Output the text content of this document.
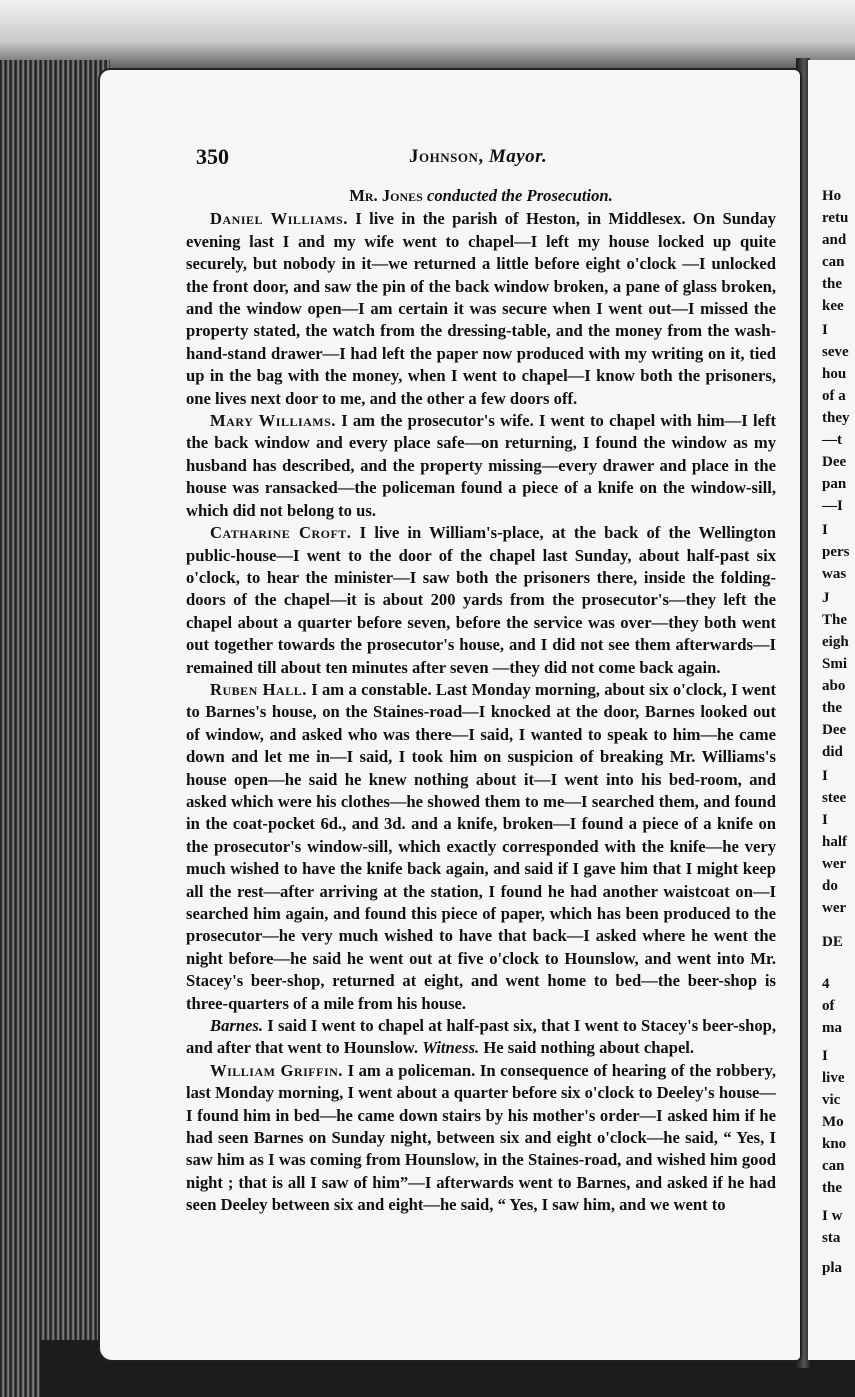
Ho
retu
and
can
the
kee
I
seve
hou
of a
they
—t
Dee
pan
—I
I
pers
was
J
The
eigh
Smi
abo
the
Dee
did
I
stee
I
half
wer
do
wer
DE
4
of
ma
I
live
vic
Mo
kno
can
the
I w
sta
pla
350	Johnson, Mayor.

Mr. Jones conducted the Prosecution.

Daniel Williams. I live in the parish of Heston, in Middlesex. On Sunday evening last I and my wife went to chapel—I left my house locked up quite securely, but nobody in it—we returned a little before eight o'clock —I unlocked the front door, and saw the pin of the back window broken, a pane of glass broken, and the window open—I am certain it was secure when I went out—I missed the property stated, the watch from the dressing-table, and the money from the wash-hand-stand drawer—I had left the paper now produced with my writing on it, tied up in the bag with the money, when I went to chapel—I know both the prisoners, one lives next door to me, and the other a few doors off.

Mary Williams. I am the prosecutor's wife. I went to chapel with him—I left the back window and every place safe—on returning, I found the window as my husband has described, and the property missing—every drawer and place in the house was ransacked—the policeman found a piece of a knife on the window-sill, which did not belong to us.

Catharine Croft. I live in William's-place, at the back of the Wellington public-house—I went to the door of the chapel last Sunday, about half-past six o'clock, to hear the minister—I saw both the prisoners there, inside the folding-doors of the chapel—it is about 200 yards from the prosecutor's—they left the chapel about a quarter before seven, before the service was over—they both went out together towards the prosecutor's house, and I did not see them afterwards—I remained till about ten minutes after seven —they did not come back again.

Ruben Hall. I am a constable. Last Monday morning, about six o'clock, I went to Barnes's house, on the Staines-road—I knocked at the door, Barnes looked out of window, and asked who was there—I said, I wanted to speak to him—he came down and let me in—I said, I took him on suspicion of breaking Mr. Williams's house open—he said he knew nothing about it—I went into his bed-room, and asked which were his clothes—he showed them to me—I searched them, and found in the coat-pocket 6d., and 3d. and a knife, broken—I found a piece of a knife on the prosecutor's window-sill, which exactly corresponded with the knife—he very much wished to have the knife back again, and said if I gave him that I might keep all the rest—after arriving at the station, I found he had another waistcoat on—I searched him again, and found this piece of paper, which has been produced to the prosecutor—he very much wished to have that back—I asked where he went the night before—he said he went out at five o'clock to Hounslow, and went into Mr. Stacey's beer-shop, returned at eight, and went home to bed—the beer-shop is three-quarters of a mile from his house.

Barnes. I said I went to chapel at half-past six, that I went to Stacey's beer-shop, and after that went to Hounslow. Witness. He said nothing about chapel.

William Griffin. I am a policeman. In consequence of hearing of the robbery, last Monday morning, I went about a quarter before six o'clock to Deeley's house—I found him in bed—he came down stairs by his mother's order—I asked him if he had seen Barnes on Sunday night, between six and eight o'clock—he said, “ Yes, I saw him as I was coming from Hounslow, in the Staines-road, and wished him good night ; that is all I saw of him”—I afterwards went to Barnes, and asked if he had seen Deeley between six and eight—he said, “ Yes, I saw him, and we went to
